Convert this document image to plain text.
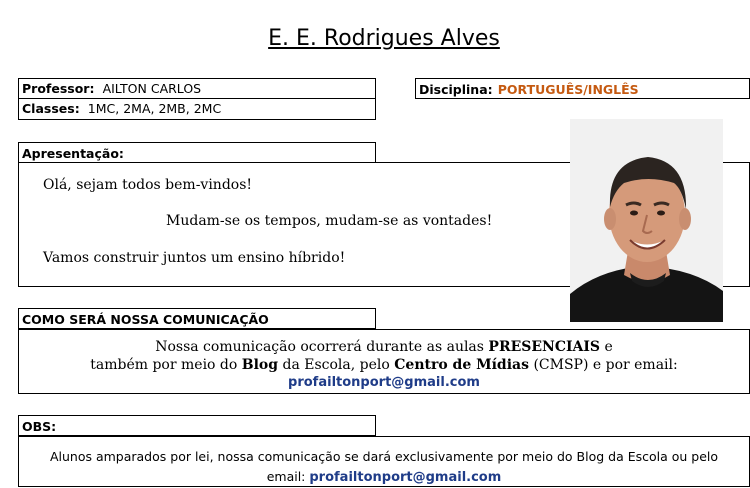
E. E. Rodrigues Alves
Professor: AILTON CARLOS
Classes: 1MC, 2MA, 2MB, 2MC
Disciplina: PORTUGUÊS/INGLÊS
Apresentação:
Olá, sejam todos bem-vindos!
Mudam-se os tempos, mudam-se as vontades!
Vamos construir juntos um ensino híbrido!
COMO SERÁ NOSSA COMUNICAÇÃO
Nossa comunicação ocorrerá durante as aulas PRESENCIAIS e
também por meio do Blog da Escola, pelo Centro de Mídias (CMSP) e por email:
profailtonport@gmail.com
OBS:
Alunos amparados por lei, nossa comunicação se dará exclusivamente por meio do Blog da Escola ou pelo
email: profailtonport@gmail.com
